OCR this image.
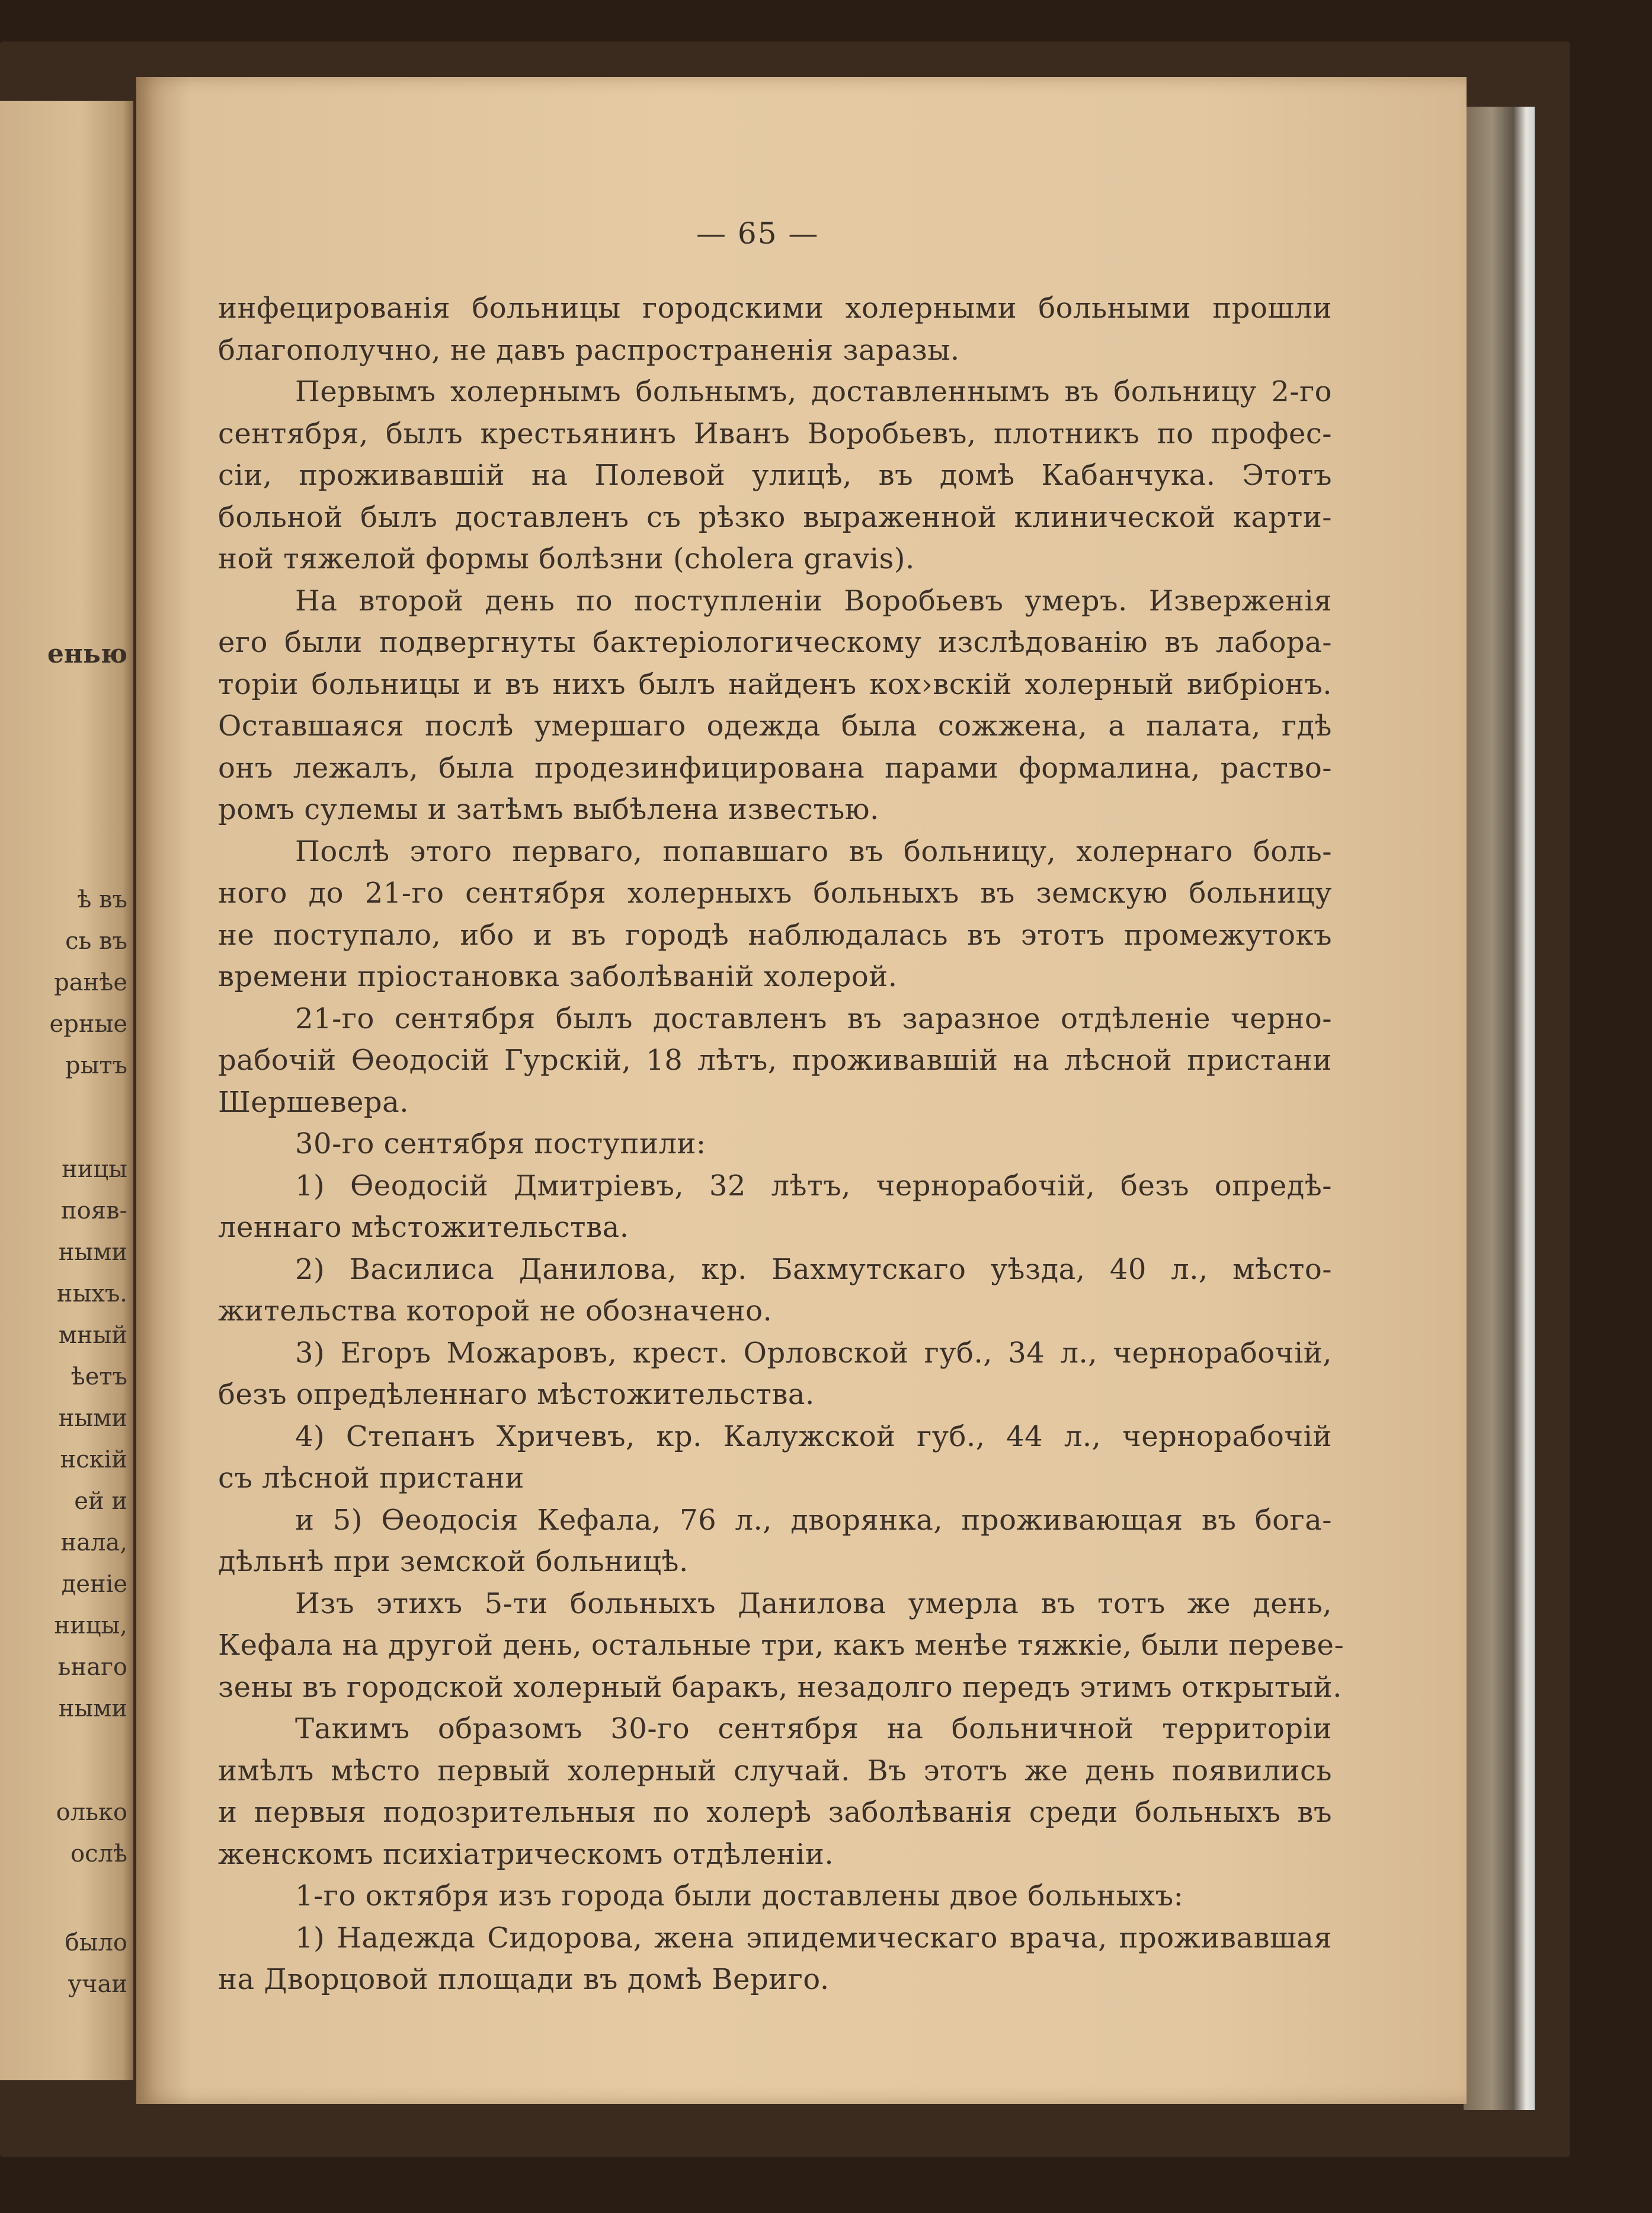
енью
ѣ въ
сь въ
ранѣе
ерные
рытъ
ницы
появ-
ными
ныхъ.
мный
ѣетъ
ными
нскій
ей и
нала,
деніе
ницы,
ьнаго
ными
олько
ослѣ
было
учаи
— 65 —
инфецированія больницы городскими холерными больными прошли
благополучно, не давъ распространенія заразы.
Первымъ холернымъ больнымъ, доставленнымъ въ больницу 2-го
сентября, былъ крестьянинъ Иванъ Воробьевъ, плотникъ по профес-
сіи, проживавшій на Полевой улицѣ, въ домѣ Кабанчука. Этотъ
больной былъ доставленъ съ рѣзко выраженной клинической карти-
ной тяжелой формы болѣзни (cholera gravis).
На второй день по поступленіи Воробьевъ умеръ. Изверженія
его были подвергнуты бактеріологическому изслѣдованію въ лабора-
торіи больницы и въ нихъ былъ найденъ кох›вскій холерный вибріонъ.
Оставшаяся послѣ умершаго одежда была сожжена, а палата, гдѣ
онъ лежалъ, была продезинфицирована парами формалина, раство-
ромъ сулемы и затѣмъ выбѣлена известью.
Послѣ этого перваго, попавшаго въ больницу, холернаго боль-
ного до 21-го сентября холерныхъ больныхъ въ земскую больницу
не поступало, ибо и въ городѣ наблюдалась въ этотъ промежутокъ
времени пріостановка заболѣваній холерой.
21-го сентября былъ доставленъ въ заразное отдѣленіе черно-
рабочій Ѳеодосій Гурскій, 18 лѣтъ, проживавшій на лѣсной пристани
Шершевера.
30-го сентября поступили:
1) Ѳеодосій Дмитріевъ, 32 лѣтъ, чернорабочій, безъ опредѣ-
леннаго мѣстожительства.
2) Василиса Данилова, кр. Бахмутскаго уѣзда, 40 л., мѣсто-
жительства которой не обозначено.
3) Егоръ Можаровъ, крест. Орловской губ., 34 л., чернорабочій,
безъ опредѣленнаго мѣстожительства.
4) Степанъ Хричевъ, кр. Калужской губ., 44 л., чернорабочій
съ лѣсной пристани
и 5) Ѳеодосія Кефала, 76 л., дворянка, проживающая въ бога-
дѣльнѣ при земской больницѣ.
Изъ этихъ 5-ти больныхъ Данилова умерла въ тотъ же день,
Кефала на другой день, остальные три, какъ менѣе тяжкіе, были переве-
зены въ городской холерный баракъ, незадолго передъ этимъ открытый.
Такимъ образомъ 30-го сентября на больничной территоріи
имѣлъ мѣсто первый холерный случай. Въ этотъ же день появились
и первыя подозрительныя по холерѣ заболѣванія среди больныхъ въ
женскомъ психіатрическомъ отдѣленіи.
1-го октября изъ города были доставлены двое больныхъ:
1) Надежда Сидорова, жена эпидемическаго врача, проживавшая
на Дворцовой площади въ домѣ Веригo.
